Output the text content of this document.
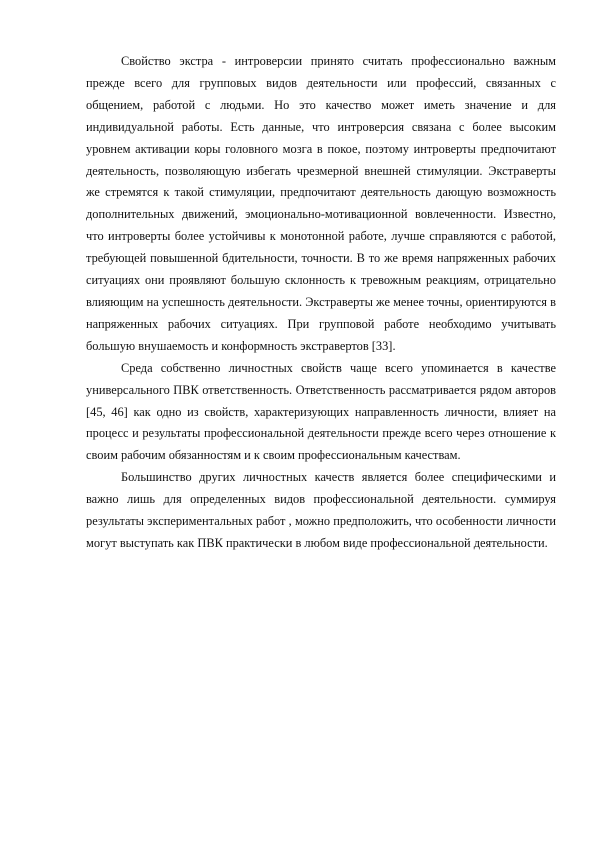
Свойство экстра - интроверсии принято считать профессионально важным прежде всего для групповых видов деятельности или профессий, связанных с общением, работой с людьми. Но это качество может иметь значение и для индивидуальной работы. Есть данные, что интроверсия связана с более высоким уровнем активации коры головного мозга в покое, поэтому интроверты предпочитают деятельность, позволяющую избегать чрезмерной внешней стимуляции. Экстраверты же стремятся к такой стимуляции, предпочитают деятельность дающую возможность дополнительных движений, эмоционально-мотивационной вовлеченности. Известно, что интроверты более устойчивы к монотонной работе, лучше справляются с работой, требующей повышенной бдительности, точности. В то же время напряженных рабочих ситуациях они проявляют большую склонность к тревожным реакциям, отрицательно влияющим на успешность деятельности. Экстраверты же менее точны, ориентируются в напряженных рабочих ситуациях. При групповой работе необходимо учитывать большую внушаемость и конформность экстравертов [33].

Среда собственно личностных свойств чаще всего упоминается в качестве универсального ПВК ответственность. Ответственность рассматривается рядом авторов [45, 46] как одно из свойств, характеризующих направленность личности, влияет на процесс и результаты профессиональной деятельности прежде всего через отношение к своим рабочим обязанностям и к своим профессиональным качествам.

Большинство других личностных качеств является более специфическими и важно лишь для определенных видов профессиональной деятельности. суммируя результаты экспериментальных работ , можно предположить, что особенности личности могут выступать как ПВК практически в любом виде профессиональной деятельности.
